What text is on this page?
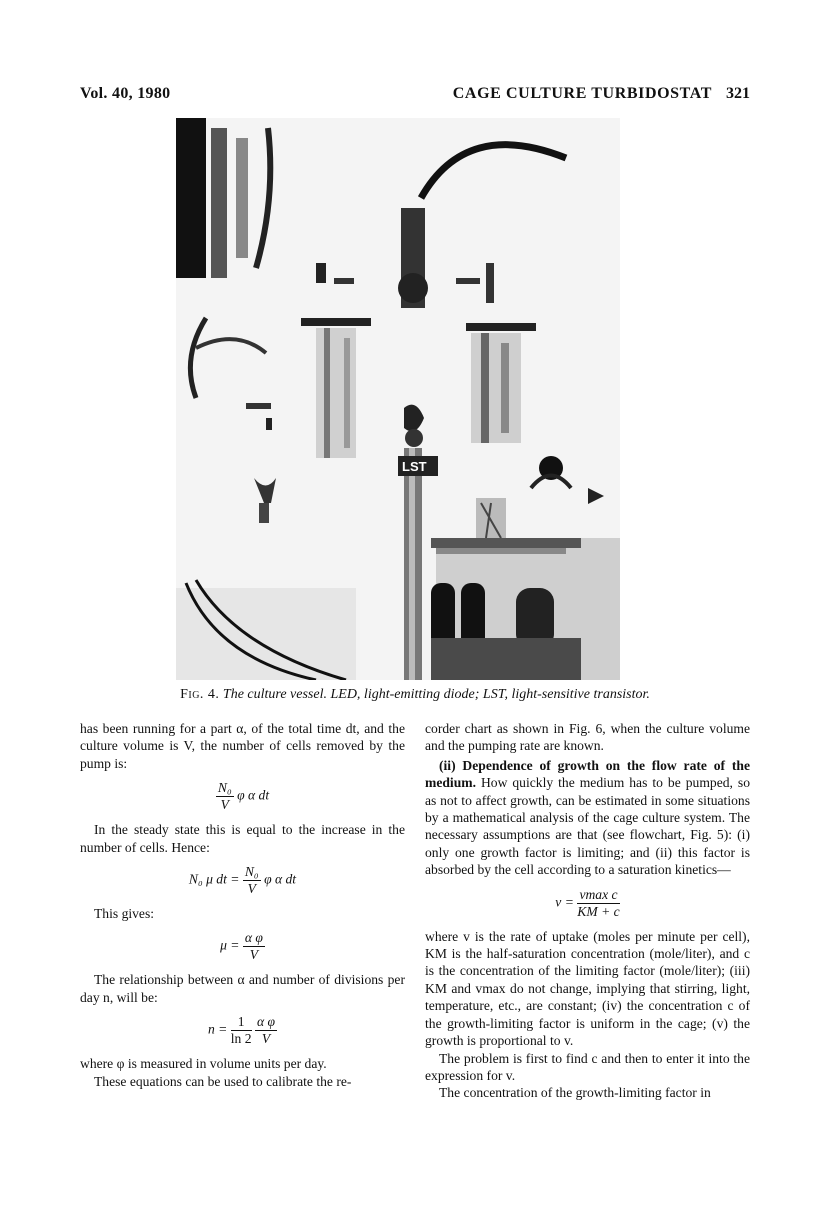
Vol. 40, 1980	CAGE CULTURE TURBIDOSTAT 321
LST
Fig. 4. The culture vessel. LED, light-emitting diode; LST, light-sensitive transistor.

has been running for a part α, of the total time dt, and the culture volume is V, the number of cells removed by the pump is:

$\frac{\text{N₀}}{V}$ φ α dt

In the steady state this is equal to the increase in the number of cells. Hence:

N₀ μ dt = $\frac{\text{N₀}}{V}$ φ α dt

This gives:

$\mu = \frac{\text{α φ}}{V}$

The relationship between α and number of divisions per day n, will be:

$n = \frac{1}{\ln 2}$
$\frac{\text{α φ}}{V}$

where φ is measured in volume units per day.

These equations can be used to calibrate the re-

corder chart as shown in Fig. 6, when the culture volume and the pumping rate are known.

(ii) Dependence of growth on the flow rate of the medium. How quickly the medium has to be pumped, so as not to affect growth, can be estimated in some situations by a mathematical analysis of the cage culture system. The necessary assumptions are that (see flowchart, Fig. 5): (i) only one growth factor is limiting; and (ii) this factor is absorbed by the cell according to a saturation kinetics—

$v = \frac{\text{vmax c}}{KM + c}$

where v is the rate of uptake (moles per minute per cell), KM is the half-saturation concentration (mole/liter), and c is the concentration of the limiting factor (mole/liter); (iii) KM and vmax do not change, implying that stirring, light, temperature, etc., are constant; (iv) the concentration c of the growth-limiting factor is uniform in the cage; (v) the growth is proportional to v.

The problem is first to find c and then to enter it into the expression for v.

The concentration of the growth-limiting factor in
